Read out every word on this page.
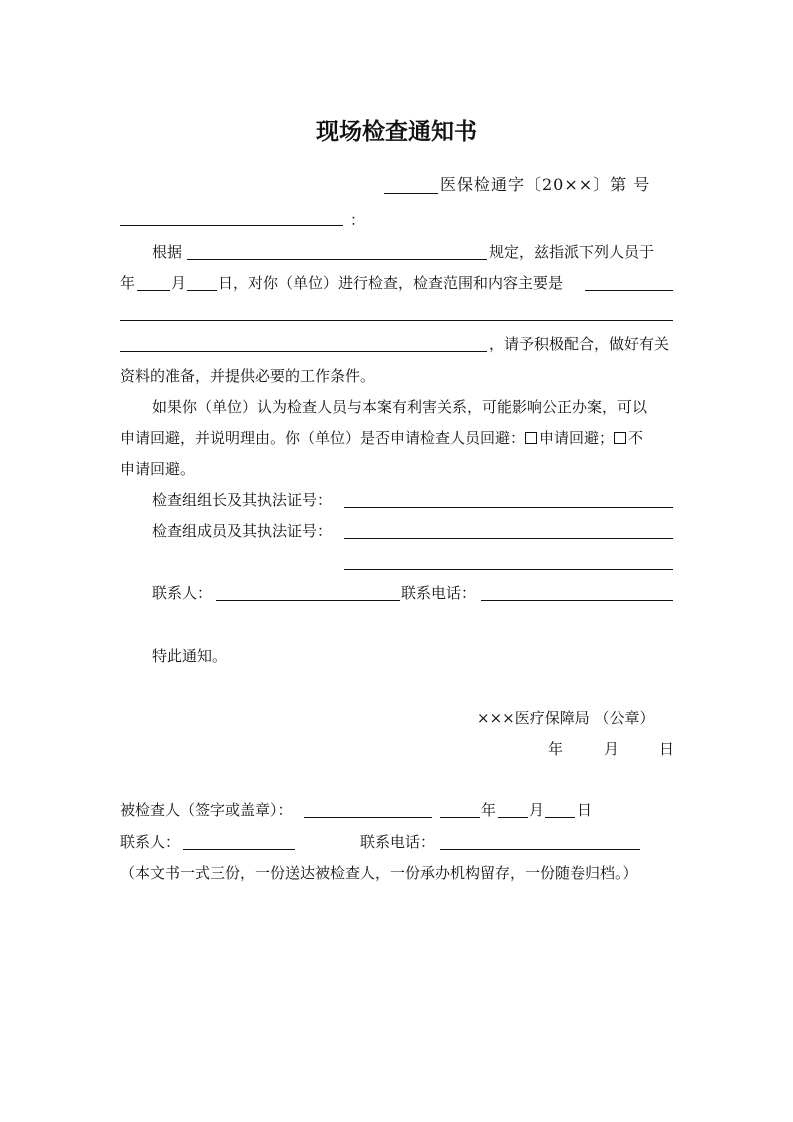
现场检查通知书
医保检通字〔20××〕第 号
：
根据	规定，兹指派下列人员于
年 月 日，对你（单位）进行检查，检查范围和内容主要是
，请予积极配合，做好有关
资料的准备，并提供必要的工作条件。
如果你（单位）认为检查人员与本案有利害关系，可能影响公正办案，可以
申请回避，并说明理由。你（单位）是否申请检查人员回避： 申请回避； 不
申请回避。
检查组组长及其执法证号：
检查组成员及其执法证号：
联系人：	联系电话：
特此通知。
×××医疗保障局 （公章）
年	月	日
被检查人（签字或盖章）：	年 月 日
联系人：	联系电话：
（本文书一式三份，一份送达被检查人，一份承办机构留存，一份随卷归档。）
